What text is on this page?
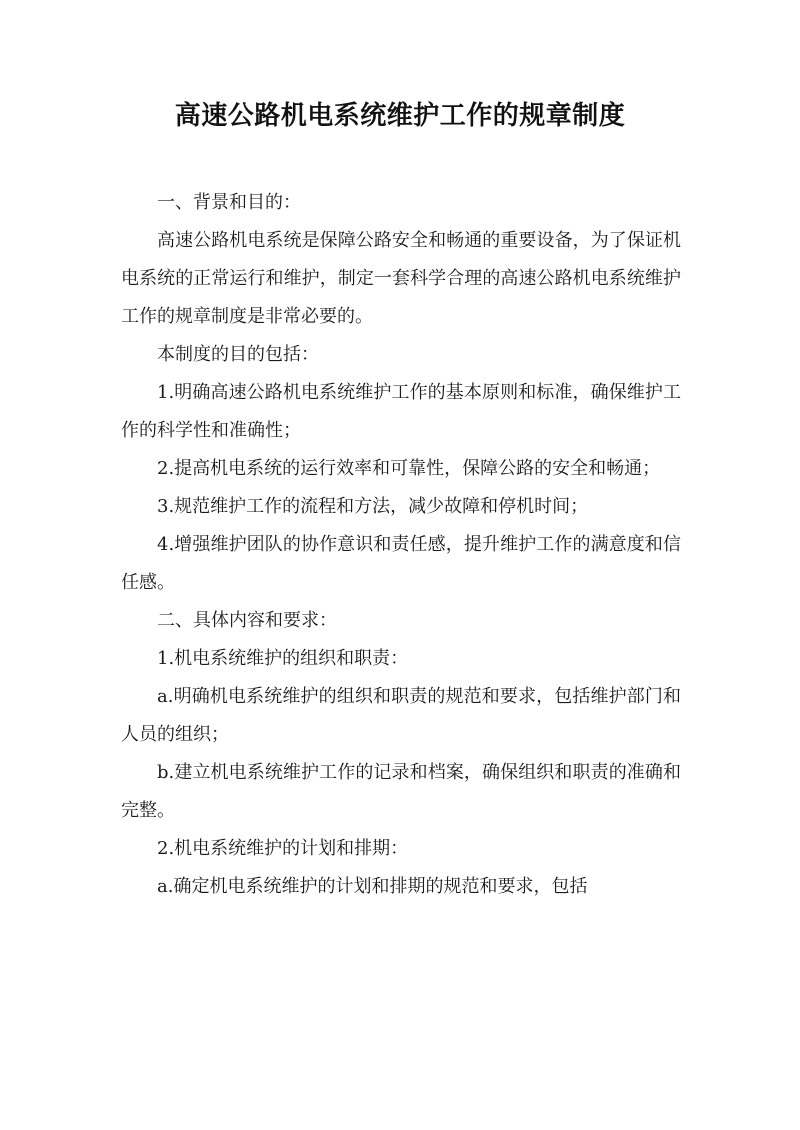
高速公路机电系统维护工作的规章制度

一、背景和目的：

高速公路机电系统是保障公路安全和畅通的重要设备，为了保证机电系统的正常运行和维护，制定一套科学合理的高速公路机电系统维护工作的规章制度是非常必要的。

本制度的目的包括：

1.明确高速公路机电系统维护工作的基本原则和标准，确保维护工作的科学性和准确性；

2.提高机电系统的运行效率和可靠性，保障公路的安全和畅通；

3.规范维护工作的流程和方法，减少故障和停机时间；

4.增强维护团队的协作意识和责任感，提升维护工作的满意度和信任感。

二、具体内容和要求：

1.机电系统维护的组织和职责：

a.明确机电系统维护的组织和职责的规范和要求，包括维护部门和人员的组织；

b.建立机电系统维护工作的记录和档案，确保组织和职责的准确和完整。

2.机电系统维护的计划和排期：

a.确定机电系统维护的计划和排期的规范和要求，包括
